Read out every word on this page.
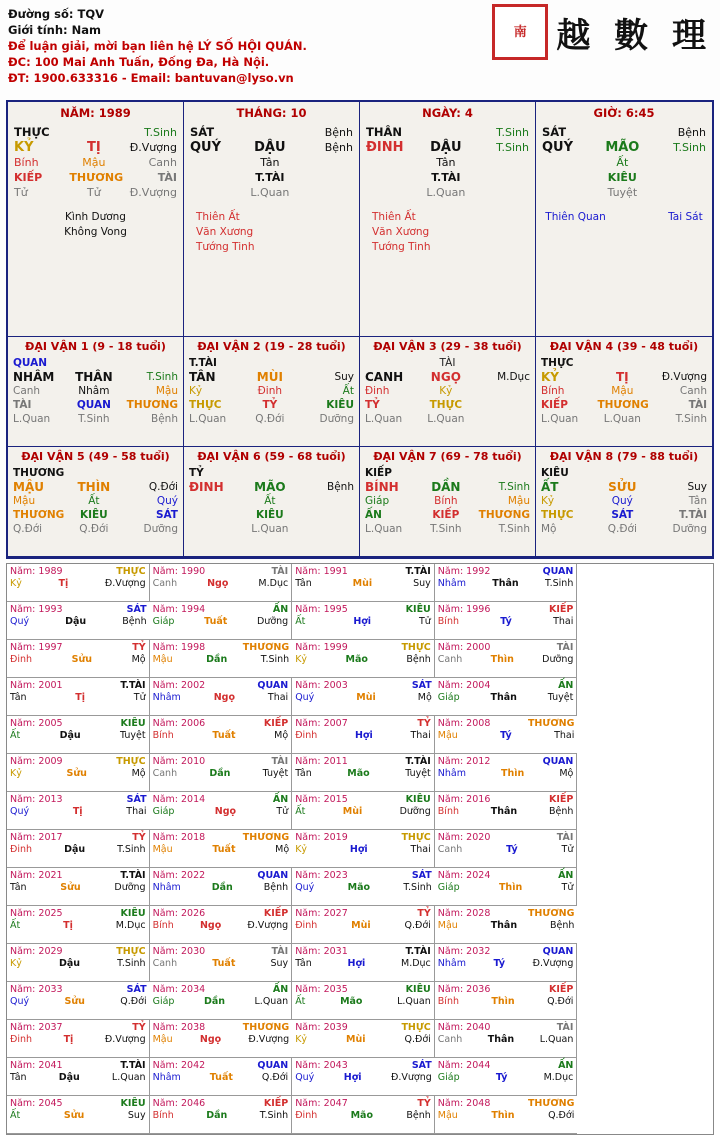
Đường số: TQV
Giới tính: Nam
Để luận giải, mời bạn liên hệ LÝ SỐ HỘI QUÁN.
ĐC: 100 Mai Anh Tuấn, Đống Đa, Hà Nội.
ĐT: 1900.633316 - Email: bantuvan@lyso.vn
南 越 數 理
NĂM: 1989
THỰC	T.Sinh
KỶ	TỊ	Đ.Vượng
Bính	Mậu	Canh
KIẾP	THƯƠNG	TÀI
Tử	Tử	Đ.Vượng
Kình Dương
Không Vong
THÁNG: 10
SÁT	Bệnh
QUÝ	DẬU	Bệnh
Tân
T.TÀI
L.Quan
Thiên Ất
Văn Xương
Tướng Tinh
NGÀY: 4
THÂN	T.Sinh
ĐINH	DẬU	T.Sinh
Tân
T.TÀI
L.Quan
Thiên Ất
Văn Xương
Tướng Tinh
GIỜ: 6:45
SÁT	Bệnh
QUÝ	MÃO	T.Sinh
Ất
KIÊU
Tuyệt
Thiên Quan	Tai Sát
ĐẠI VẬN 1 (9 - 18 tuổi)
QUAN
NHÂM	THÂN	T.Sinh
Canh	Nhâm	Mậu
TÀI	QUAN	THƯƠNG
L.Quan	T.Sinh	Bệnh
ĐẠI VẬN 2 (19 - 28 tuổi)
T.TÀI
TÂN	MÙI	Suy
Kỷ	Đinh	Ất
THỰC	TỶ	KIÊU
L.Quan	Q.Đới	Dưỡng
ĐẠI VẬN 3 (29 - 38 tuổi)
TÀI
CANH	NGỌ	M.Dục
Đinh	Kỷ
TỶ	THỰC
L.Quan	L.Quan
ĐẠI VẬN 4 (39 - 48 tuổi)
THỰC
KỶ	TỊ	Đ.Vượng
Bính	Mậu	Canh
KIẾP	THƯƠNG	TÀI
L.Quan	L.Quan	T.Sinh
ĐẠI VẬN 5 (49 - 58 tuổi)
THƯƠNG
MẬU	THÌN	Q.Đới
Mậu	Ất	Quý
THƯƠNG	KIÊU	SÁT
Q.Đới	Q.Đới	Dưỡng
ĐẠI VẬN 6 (59 - 68 tuổi)
TỶ
ĐINH	MÃO	Bệnh
Ất
KIÊU
L.Quan
ĐẠI VẬN 7 (69 - 78 tuổi)
KIẾP
BÍNH	DẦN	T.Sinh
Giáp	Bính	Mậu
ẤN	KIẾP	THƯƠNG
L.Quan	T.Sinh	T.Sinh
ĐẠI VẬN 8 (79 - 88 tuổi)
KIÊU
ẤT	SỬU	Suy
Kỷ	Quý	Tân
THỰC	SÁT	T.TÀI
Mộ	Q.Đới	Dưỡng
Năm: 1989	THỰC
Kỷ	Tị	Đ.Vượng
Năm: 1990	TÀI
Canh	Ngọ	M.Dục
Năm: 1991	T.TÀI
Tân	Mùi	Suy
Năm: 1992	QUAN
Nhâm	Thân	T.Sinh
Năm: 1993	SÁT
Quý	Dậu	Bệnh
Năm: 1994	ẤN
Giáp	Tuất	Dưỡng
Năm: 1995	KIÊU
Ất	Hợi	Tử
Năm: 1996	KIẾP
Bính	Tý	Thai
Năm: 1997	TỶ
Đinh	Sửu	Mộ
Năm: 1998	THƯƠNG
Mậu	Dần	T.Sinh
Năm: 1999	THỰC
Kỷ	Mão	Bệnh
Năm: 2000	TÀI
Canh	Thìn	Dưỡng
Năm: 2001	T.TÀI
Tân	Tị	Tử
Năm: 2002	QUAN
Nhâm	Ngọ	Thai
Năm: 2003	SÁT
Quý	Mùi	Mộ
Năm: 2004	ẤN
Giáp	Thân	Tuyệt
Năm: 2005	KIÊU
Ất	Dậu	Tuyệt
Năm: 2006	KIẾP
Bính	Tuất	Mộ
Năm: 2007	TỶ
Đinh	Hợi	Thai
Năm: 2008	THƯƠNG
Mậu	Tý	Thai
Năm: 2009	THỰC
Kỷ	Sửu	Mộ
Năm: 2010	TÀI
Canh	Dần	Tuyệt
Năm: 2011	T.TÀI
Tân	Mão	Tuyệt
Năm: 2012	QUAN
Nhâm	Thìn	Mộ
Năm: 2013	SÁT
Quý	Tị	Thai
Năm: 2014	ẤN
Giáp	Ngọ	Tử
Năm: 2015	KIÊU
Ất	Mùi	Dưỡng
Năm: 2016	KIẾP
Bính	Thân	Bệnh
Năm: 2017	TỶ
Đinh	Dậu	T.Sinh
Năm: 2018	THƯƠNG
Mậu	Tuất	Mộ
Năm: 2019	THỰC
Kỷ	Hợi	Thai
Năm: 2020	TÀI
Canh	Tý	Tử
Năm: 2021	T.TÀI
Tân	Sửu	Dưỡng
Năm: 2022	QUAN
Nhâm	Dần	Bệnh
Năm: 2023	SÁT
Quý	Mão	T.Sinh
Năm: 2024	ẤN
Giáp	Thìn	Tử
Năm: 2025	KIÊU
Ất	Tị	M.Dục
Năm: 2026	KIẾP
Bính	Ngọ	Đ.Vượng
Năm: 2027	TỶ
Đinh	Mùi	Q.Đới
Năm: 2028	THƯƠNG
Mậu	Thân	Bệnh
Năm: 2029	THỰC
Kỷ	Dậu	T.Sinh
Năm: 2030	TÀI
Canh	Tuất	Suy
Năm: 2031	T.TÀI
Tân	Hợi	M.Dục
Năm: 2032	QUAN
Nhâm	Tý	Đ.Vượng
Năm: 2033	SÁT
Quý	Sửu	Q.Đới
Năm: 2034	ẤN
Giáp	Dần	L.Quan
Năm: 2035	KIÊU
Ất	Mão	L.Quan
Năm: 2036	KIẾP
Bính	Thìn	Q.Đới
Năm: 2037	TỶ
Đinh	Tị	Đ.Vượng
Năm: 2038	THƯƠNG
Mậu	Ngọ	Đ.Vượng
Năm: 2039	THỰC
Kỷ	Mùi	Q.Đới
Năm: 2040	TÀI
Canh	Thân	L.Quan
Năm: 2041	T.TÀI
Tân	Dậu	L.Quan
Năm: 2042	QUAN
Nhâm	Tuất	Q.Đới
Năm: 2043	SÁT
Quý	Hợi	Đ.Vượng
Năm: 2044	ẤN
Giáp	Tý	M.Dục
Năm: 2045	KIÊU
Ất	Sửu	Suy
Năm: 2046	KIẾP
Bính	Dần	T.Sinh
Năm: 2047	TỶ
Đinh	Mão	Bệnh
Năm: 2048	THƯƠNG
Mậu	Thìn	Q.Đới
